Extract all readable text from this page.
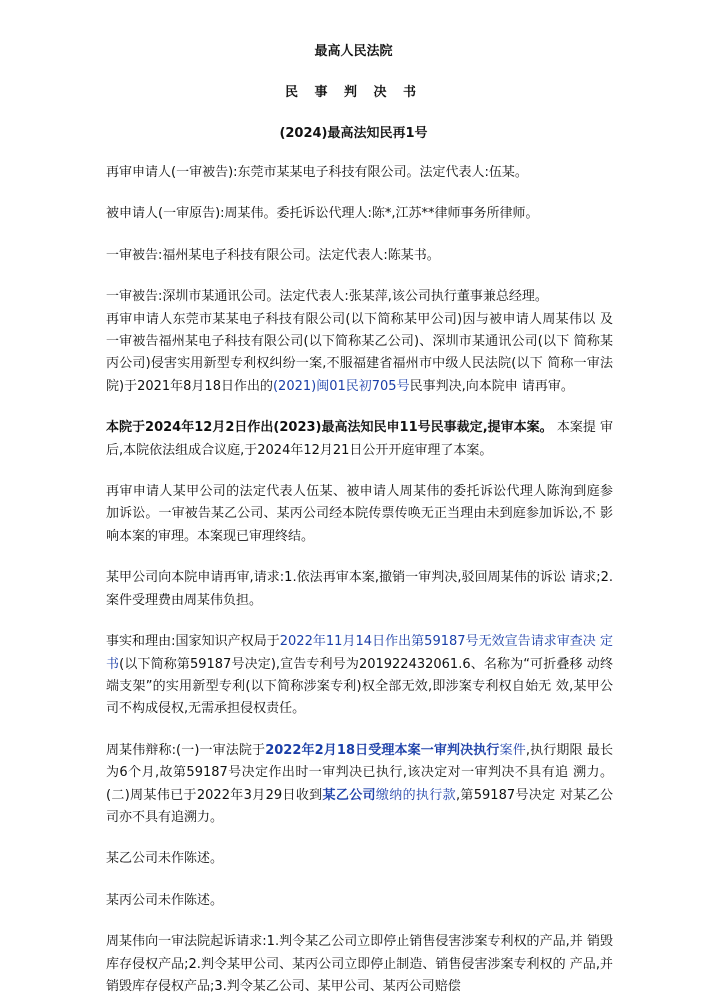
最高人民法院
民 事 判 决 书
(2024)最高法知民再1号

再审申请人(一审被告):东莞市某某电子科技有限公司。法定代表人:伍某。

被申请人(一审原告):周某伟。委托诉讼代理人:陈*,江苏**律师事务所律师。

一审被告:福州某电子科技有限公司。法定代表人:陈某书。

一审被告:深圳市某通讯公司。法定代表人:张某萍,该公司执行董事兼总经理。

再审申请人东莞市某某电子科技有限公司(以下简称某甲公司)因与被申请人周某伟以 及一审被告福州某电子科技有限公司(以下简称某乙公司)、深圳市某通讯公司(以下 简称某丙公司)侵害实用新型专利权纠纷一案,不服福建省福州市中级人民法院(以下 简称一审法院)于2021年8月18日作出的(2021)闽01民初705号民事判决,向本院申 请再审。

本院于2024年12月2日作出(2023)最高法知民申11号民事裁定,提审本案。 本案提 审后,本院依法组成合议庭,于2024年12月21日公开开庭审理了本案。

再审申请人某甲公司的法定代表人伍某、被申请人周某伟的委托诉讼代理人陈洵到庭参 加诉讼。一审被告某乙公司、某丙公司经本院传票传唤无正当理由未到庭参加诉讼,不 影响本案的审理。本案现已审理终结。

某甲公司向本院申请再审,请求:1.依法再审本案,撤销一审判决,驳回周某伟的诉讼 请求;2.案件受理费由周某伟负担。

事实和理由:国家知识产权局于2022年11月14日作出第59187号无效宣告请求审查决 定书(以下简称第59187号决定),宣告专利号为201922432061.6、名称为“可折叠移 动终端支架”的实用新型专利(以下简称涉案专利)权全部无效,即涉案专利权自始无 效,某甲公司不构成侵权,无需承担侵权责任。

周某伟辩称:(一)一审法院于2022年2月18日受理本案一审判决执行案件,执行期限 最长为6个月,故第59187号决定作出时一审判决已执行,该决定对一审判决不具有追 溯力。(二)周某伟已于2022年3月29日收到某乙公司缴纳的执行款,第59187号决定 对某乙公司亦不具有追溯力。

某乙公司未作陈述。

某丙公司未作陈述。

周某伟向一审法院起诉请求:1.判令某乙公司立即停止销售侵害涉案专利权的产品,并 销毁库存侵权产品;2.判令某甲公司、某丙公司立即停止制造、销售侵害涉案专利权的 产品,并销毁库存侵权产品;3.判令某乙公司、某甲公司、某丙公司赔偿
